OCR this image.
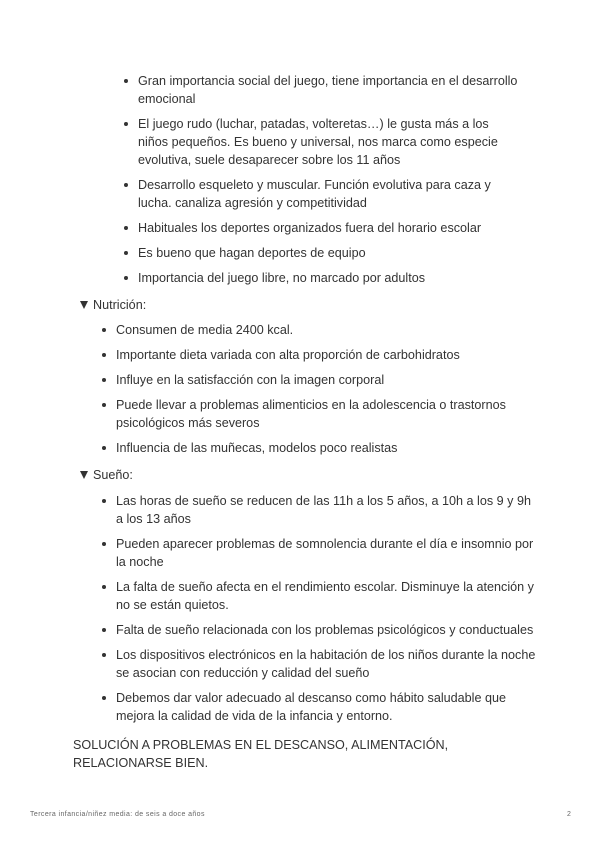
Gran importancia social del juego, tiene importancia en el desarrollo emocional
El juego rudo (luchar, patadas, volteretas…) le gusta más a los niños pequeños. Es bueno y universal, nos marca como especie evolutiva, suele desaparecer sobre los 11 años
Desarrollo esqueleto y muscular. Función evolutiva para caza y lucha. canaliza agresión y competitividad
Habituales los deportes organizados fuera del horario escolar
Es bueno que hagan deportes de equipo
Importancia del juego libre, no marcado por adultos
Nutrición:
Consumen de media 2400 kcal.
Importante dieta variada con alta proporción de carbohidratos
Influye en la satisfacción con la imagen corporal
Puede llevar a problemas alimenticios en la adolescencia o trastornos psicológicos más severos
Influencia de las muñecas, modelos poco realistas
Sueño:
Las horas de sueño se reducen de las 11h a los 5 años, a 10h a los 9 y 9h a los 13 años
Pueden aparecer problemas de somnolencia durante el día e insomnio por la noche
La falta de sueño afecta en el rendimiento escolar. Disminuye la atención y no se están quietos.
Falta de sueño relacionada con los problemas psicológicos y conductuales
Los dispositivos electrónicos en la habitación de los niños durante la noche se asocian con reducción y calidad del sueño
Debemos dar valor adecuado al descanso como hábito saludable que mejora la calidad de vida de la infancia y entorno.
SOLUCIÓN A PROBLEMAS EN EL DESCANSO, ALIMENTACIÓN, RELACIONARSE BIEN.
Tercera infancia/niñez media: de seis a doce años	2
